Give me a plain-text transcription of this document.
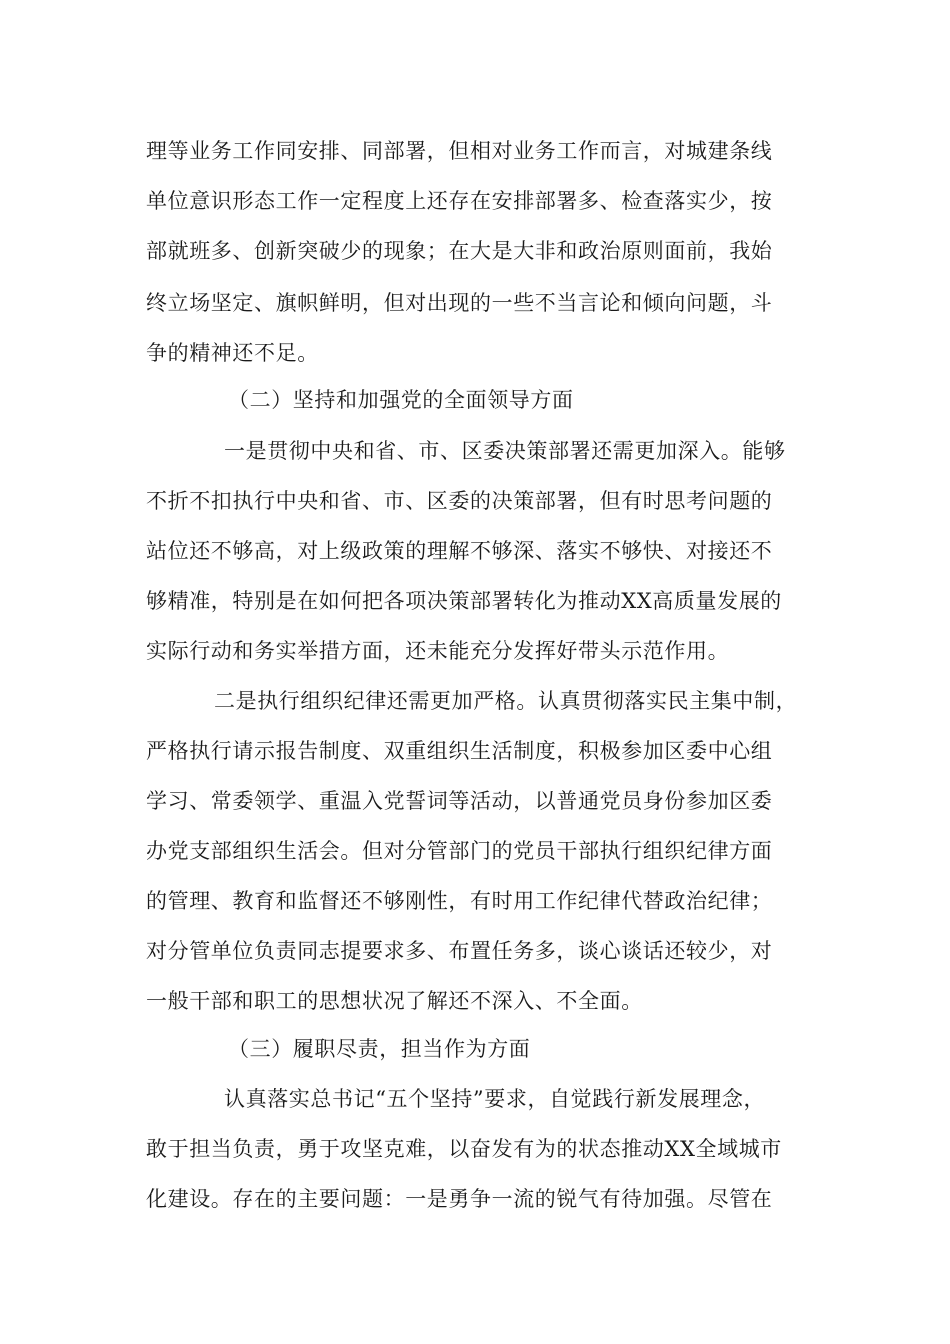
理等业务工作同安排、同部署，但相对业务工作而言，对城建条线
单位意识形态工作一定程度上还存在安排部署多、检查落实少，按
部就班多、创新突破少的现象；在大是大非和政治原则面前，我始
终立场坚定、旗帜鲜明，但对出现的一些不当言论和倾向问题，斗
争的精神还不足。
（二）坚持和加强党的全面领导方面
一是贯彻中央和省、市、区委决策部署还需更加深入。能够
不折不扣执行中央和省、市、区委的决策部署，但有时思考问题的
站位还不够高，对上级政策的理解不够深、落实不够快、对接还不
够精准，特别是在如何把各项决策部署转化为推动XX高质量发展的
实际行动和务实举措方面，还未能充分发挥好带头示范作用。
二是执行组织纪律还需更加严格。认真贯彻落实民主集中制，
严格执行请示报告制度、双重组织生活制度，积极参加区委中心组
学习、常委领学、重温入党誓词等活动，以普通党员身份参加区委
办党支部组织生活会。但对分管部门的党员干部执行组织纪律方面
的管理、教育和监督还不够刚性，有时用工作纪律代替政治纪律；
对分管单位负责同志提要求多、布置任务多，谈心谈话还较少，对
一般干部和职工的思想状况了解还不深入、不全面。
（三）履职尽责，担当作为方面
认真落实总书记“五个坚持”要求，自觉践行新发展理念，
敢于担当负责，勇于攻坚克难，以奋发有为的状态推动XX全域城市
化建设。存在的主要问题：一是勇争一流的锐气有待加强。尽管在
